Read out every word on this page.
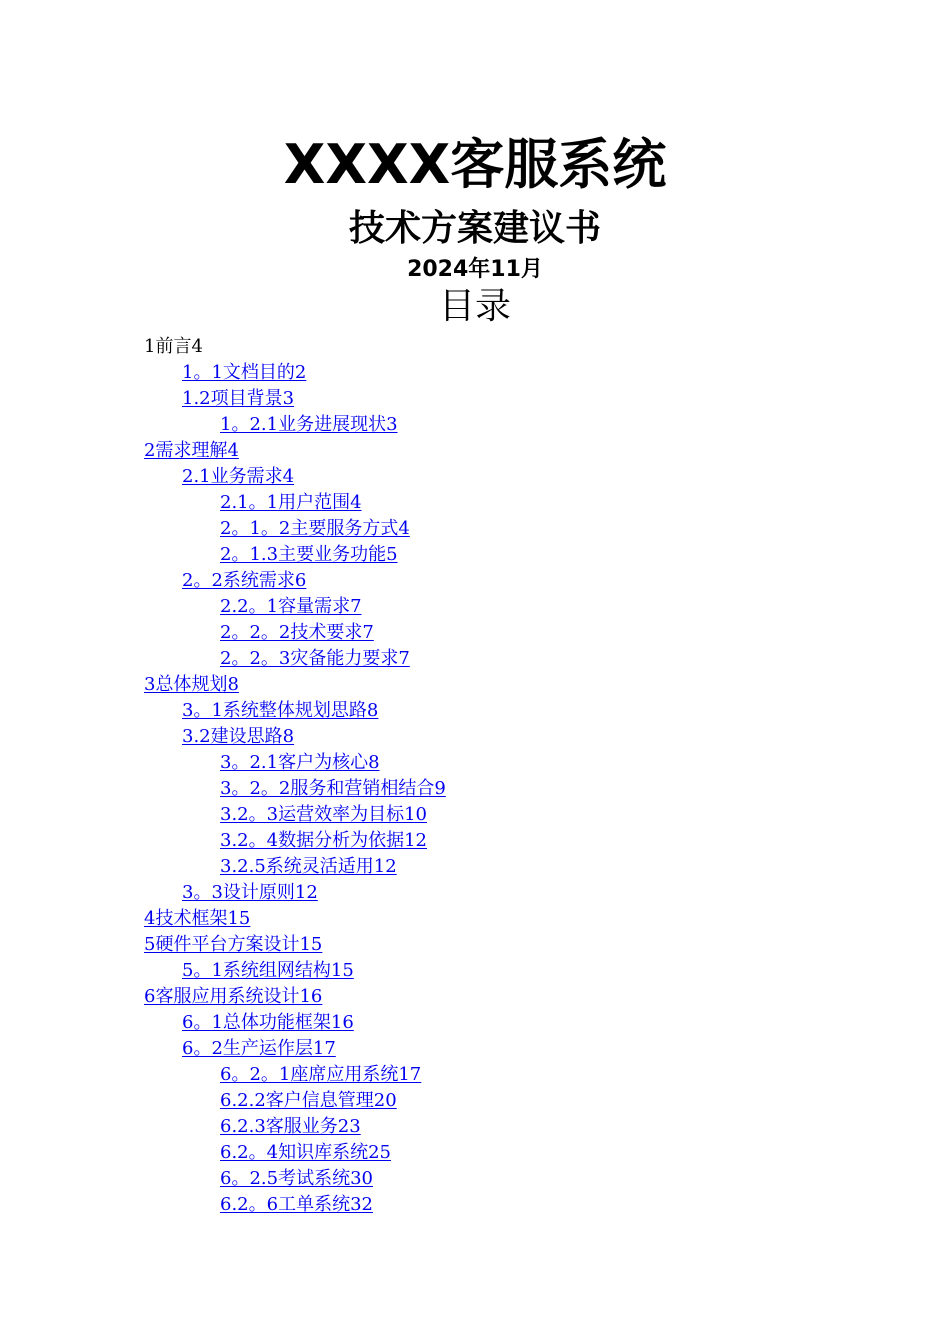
XXXX客服系统
技术方案建议书
2024年11月
目录
1前言4
1。1文档目的2
1.2项目背景3
1。2.1业务进展现状3
2需求理解4
2.1业务需求4
2.1。1用户范围4
2。1。2主要服务方式4
2。1.3主要业务功能5
2。2系统需求6
2.2。1容量需求7
2。2。2技术要求7
2。2。3灾备能力要求7
3总体规划8
3。1系统整体规划思路8
3.2建设思路8
3。2.1客户为核心8
3。2。2服务和营销相结合9
3.2。3运营效率为目标10
3.2。4数据分析为依据12
3.2.5系统灵活适用12
3。3设计原则12
4技术框架15
5硬件平台方案设计15
5。1系统组网结构15
6客服应用系统设计16
6。1总体功能框架16
6。2生产运作层17
6。2。1座席应用系统17
6.2.2客户信息管理20
6.2.3客服业务23
6.2。4知识库系统25
6。2.5考试系统30
6.2。6工单系统32
